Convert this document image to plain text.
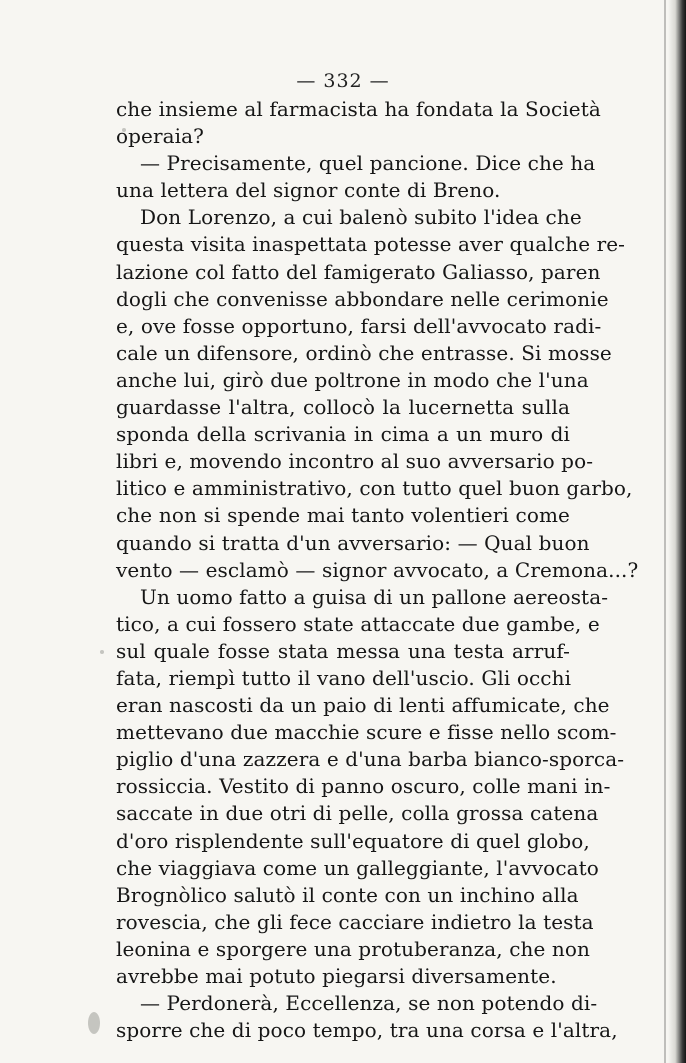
— 332 —
che insieme al farmacista ha fondata la Società
operaia?
— Precisamente, quel pancione. Dice che ha
una lettera del signor conte di Breno.
Don Lorenzo, a cui balenò subito l'idea che
questa visita inaspettata potesse aver qualche re-
lazione col fatto del famigerato Galiasso, paren
dogli che convenisse abbondare nelle cerimonie
e, ove fosse opportuno, farsi dell'avvocato radi-
cale un difensore, ordinò che entrasse. Si mosse
anche lui, girò due poltrone in modo che l'una
guardasse l'altra, collocò la lucernetta sulla
sponda della scrivania in cima a un muro di
libri e, movendo incontro al suo avversario po-
litico e amministrativo, con tutto quel buon garbo,
che non si spende mai tanto volentieri come
quando si tratta d'un avversario: — Qual buon
vento — esclamò — signor avvocato, a Cremona...?
Un uomo fatto a guisa di un pallone aereosta-
tico, a cui fossero state attaccate due gambe, e
sul quale fosse stata messa una testa arruf-
fata, riempì tutto il vano dell'uscio. Gli occhi
eran nascosti da un paio di lenti affumicate, che
mettevano due macchie scure e fisse nello scom-
piglio d'una zazzera e d'una barba bianco-sporca-
rossiccia. Vestito di panno oscuro, colle mani in-
saccate in due otri di pelle, colla grossa catena
d'oro risplendente sull'equatore di quel globo,
che viaggiava come un galleggiante, l'avvocato
Brognòlico salutò il conte con un inchino alla
rovescia, che gli fece cacciare indietro la testa
leonina e sporgere una protuberanza, che non
avrebbe mai potuto piegarsi diversamente.
— Perdonerà, Eccellenza, se non potendo di-
sporre che di poco tempo, tra una corsa e l'altra,
